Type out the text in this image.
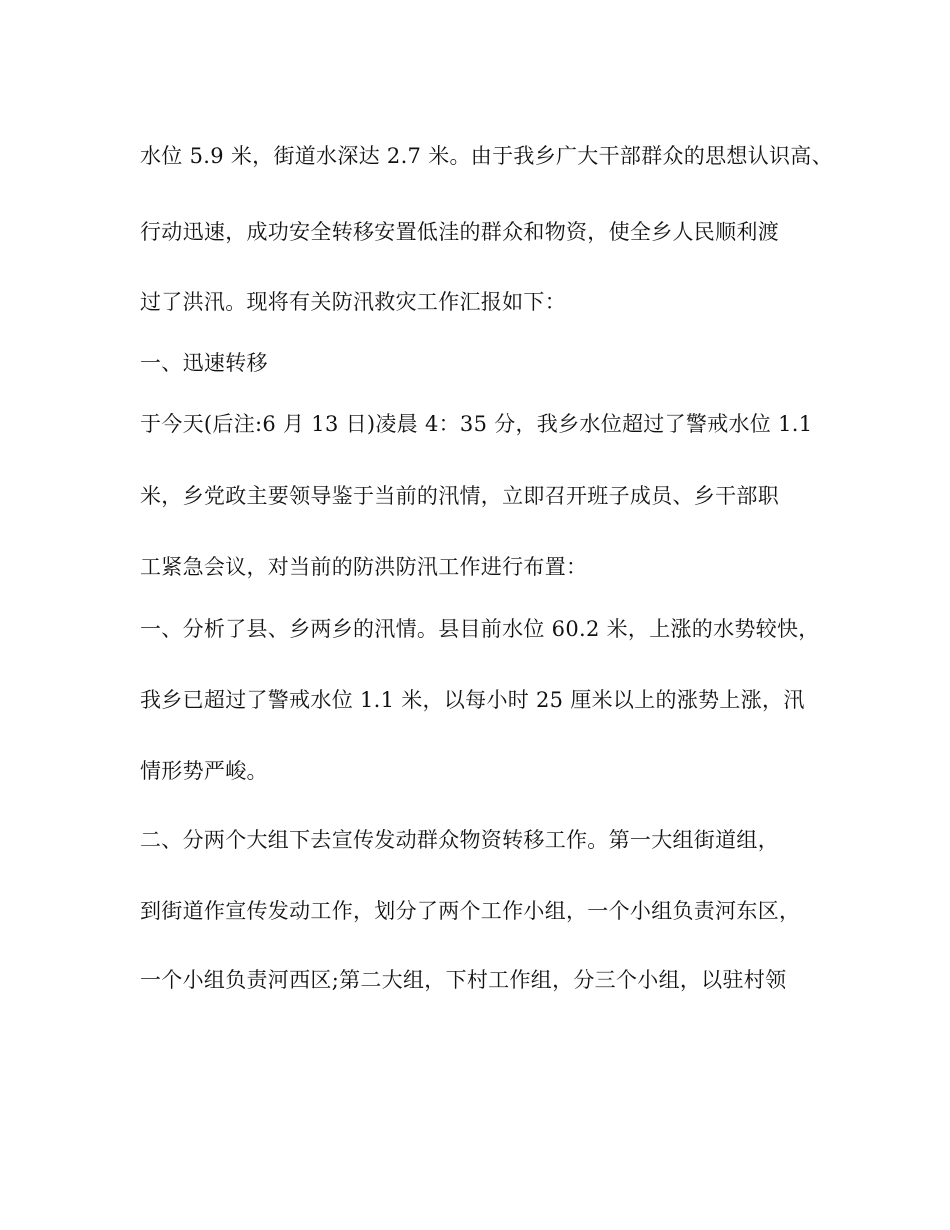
水位 5.9 米，街道水深达 2.7 米。由于我乡广大干部群众的思想认识高、
行动迅速，成功安全转移安置低洼的群众和物资，使全乡人民顺利渡
过了洪汛。现将有关防汛救灾工作汇报如下：
一、迅速转移
于今天(后注:6 月 13 日)凌晨 4：35 分，我乡水位超过了警戒水位 1.1
米，乡党政主要领导鉴于当前的汛情，立即召开班子成员、乡干部职
工紧急会议，对当前的防洪防汛工作进行布置：
一、分析了县、乡两乡的汛情。县目前水位 60.2 米，上涨的水势较快，
我乡已超过了警戒水位 1.1 米，以每小时 25 厘米以上的涨势上涨，汛
情形势严峻。
二、分两个大组下去宣传发动群众物资转移工作。第一大组街道组，
到街道作宣传发动工作，划分了两个工作小组，一个小组负责河东区，
一个小组负责河西区;第二大组，下村工作组，分三个小组，以驻村领
